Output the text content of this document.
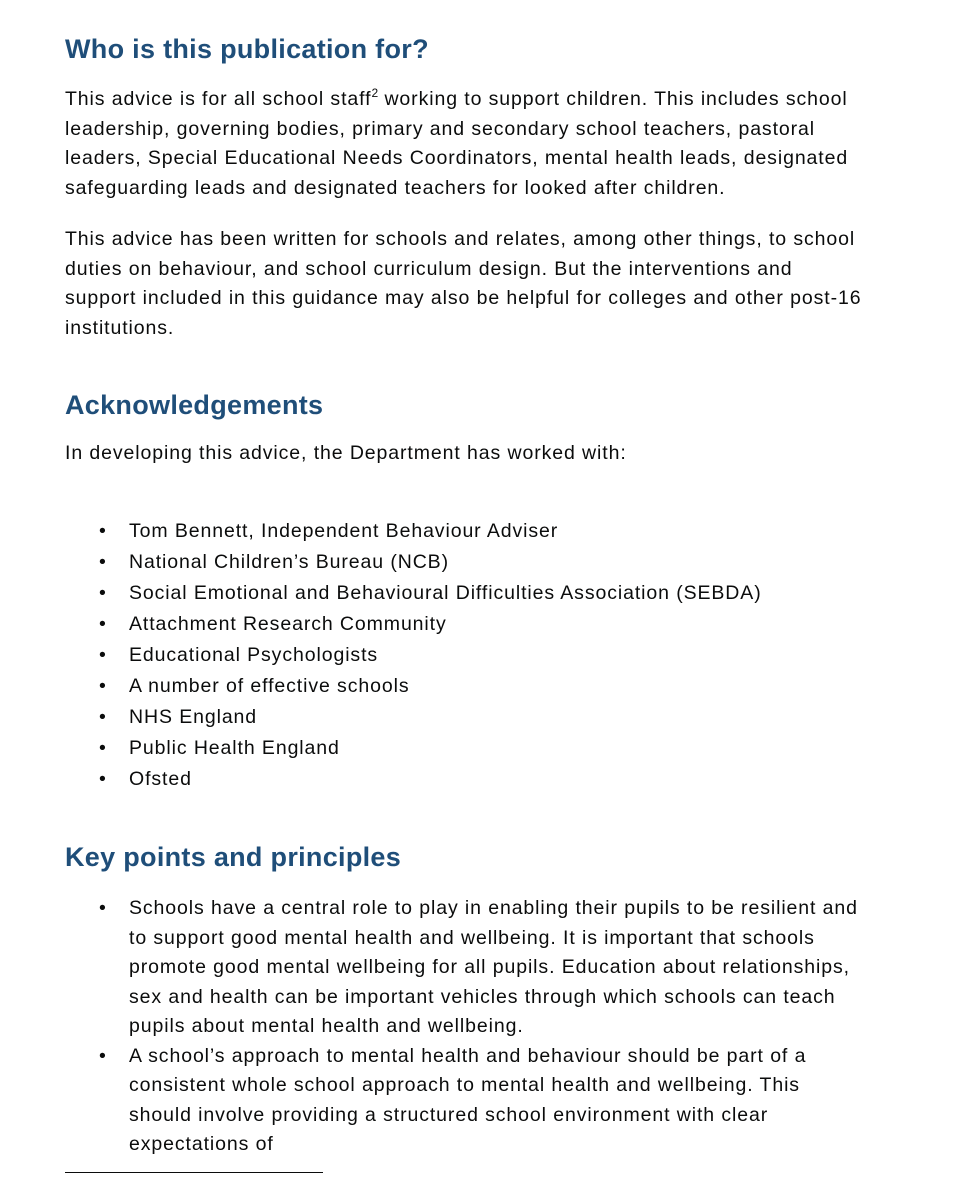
Who is this publication for?

This advice is for all school staff$^2$ working to support children. This includes school leadership, governing bodies, primary and secondary school teachers, pastoral leaders, Special Educational Needs Coordinators, mental health leads, designated safeguarding leads and designated teachers for looked after children.

This advice has been written for schools and relates, among other things, to school duties on behaviour, and school curriculum design. But the interventions and support included in this guidance may also be helpful for colleges and other post-16 institutions.

Acknowledgements

In developing this advice, the Department has worked with:

• Tom Bennett, Independent Behaviour Adviser
• National Children’s Bureau (NCB)
• Social Emotional and Behavioural Difficulties Association (SEBDA)
• Attachment Research Community
• Educational Psychologists
• A number of effective schools
• NHS England
• Public Health England
• Ofsted
Key points and principles
• Schools have a central role to play in enabling their pupils to be resilient and to support good mental health and wellbeing. It is important that schools promote good mental wellbeing for all pupils. Education about relationships, sex and health can be important vehicles through which schools can teach pupils about mental health and wellbeing.
• A school’s approach to mental health and behaviour should be part of a consistent whole school approach to mental health and wellbeing. This should involve providing a structured school environment with clear expectations of
